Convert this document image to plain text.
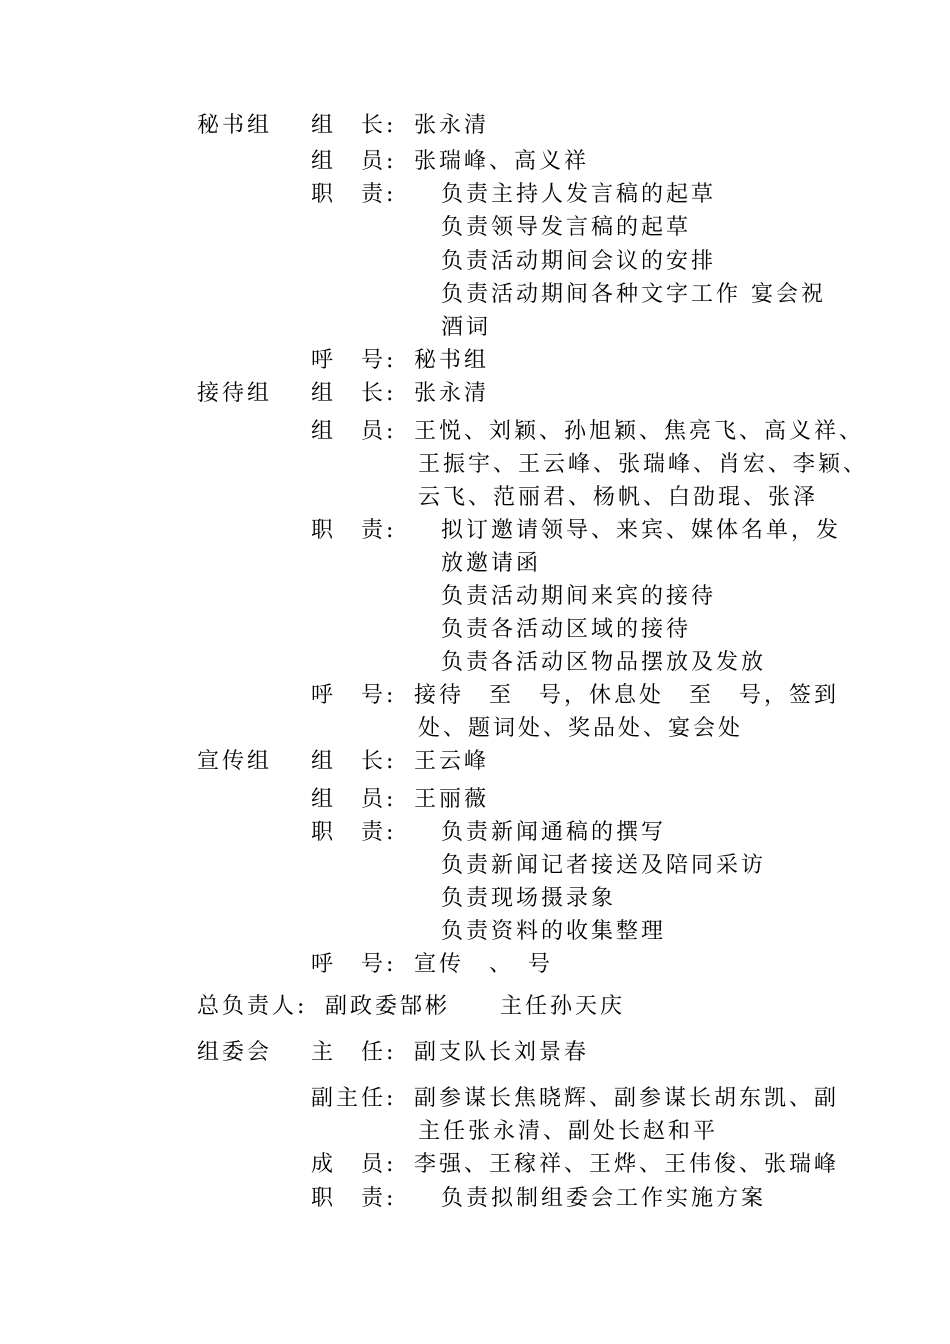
秘书组 组　长: 张永清
组　员: 张瑞峰、高义祥
职　责: 负责主持人发言稿的起草
负责领导发言稿的起草
负责活动期间会议的安排
负责活动期间各种文字工作 宴会祝
酒词
呼　号: 秘书组
接待组 组　长: 张永清
组　员: 王悦、刘颖、孙旭颖、焦亮飞、高义祥、
王振宇、王云峰、张瑞峰、肖宏、李颖、
云飞、范丽君、杨帆、白劭琨、张泽
职　责: 拟订邀请领导、来宾、媒体名单，发
放邀请函
负责活动期间来宾的接待
负责各活动区域的接待
负责各活动区物品摆放及发放
呼　号: 接待　至　号，休息处　至　号，签到
处、题词处、奖品处、宴会处
宣传组 组　长: 王云峰
组　员: 王丽薇
职　责: 负责新闻通稿的撰写
负责新闻记者接送及陪同采访
负责现场摄录象
负责资料的收集整理
呼　号: 宣传　、　号
总负责人: 副政委郜彬　　主任孙天庆
组委会 主　任: 副支队长刘景春
副主任: 副参谋长焦晓辉、副参谋长胡东凯、副
主任张永清、副处长赵和平
成　员: 李强、王稼祥、王烨、王伟俊、张瑞峰
职　责: 负责拟制组委会工作实施方案
